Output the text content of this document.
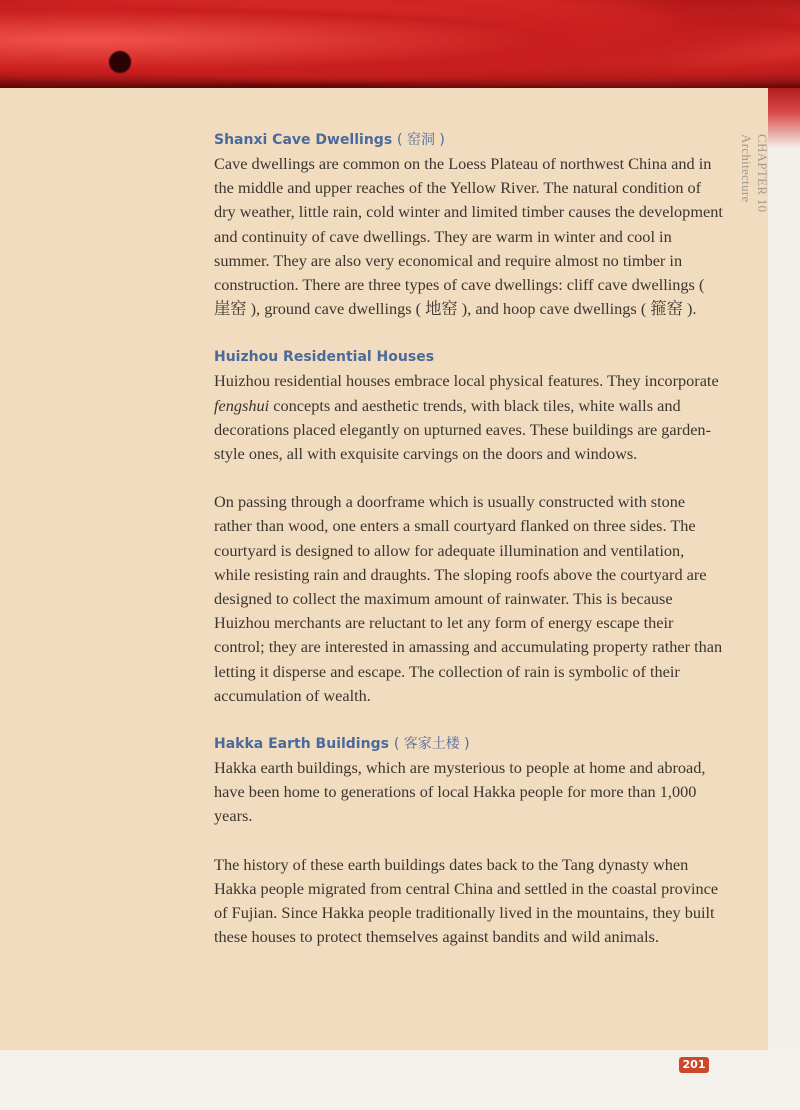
CHAPTER 10
Architecture

Shanxi Cave Dwellings ( 窑洞 )

Cave dwellings are common on the Loess Plateau of northwest China and in the middle and upper reaches of the Yellow River. The natural condition of dry weather, little rain, cold winter and limited timber causes the development and continuity of cave dwellings. They are warm in winter and cool in summer. They are also very economical and require almost no timber in construction. There are three types of cave dwellings: cliff cave dwellings ( 崖窑 ), ground cave dwellings ( 地窑 ), and hoop cave dwellings ( 箍窑 ).

Huizhou Residential Houses

Huizhou residential houses embrace local physical features. They incorporate fengshui concepts and aesthetic trends, with black tiles, white walls and decorations placed elegantly on upturned eaves. These buildings are garden-style ones, all with exquisite carvings on the doors and windows.

On passing through a doorframe which is usually constructed with stone rather than wood, one enters a small courtyard flanked on three sides. The courtyard is designed to allow for adequate illumination and ventilation, while resisting rain and draughts. The sloping roofs above the courtyard are designed to collect the maximum amount of rainwater. This is because Huizhou merchants are reluctant to let any form of energy escape their control; they are interested in amassing and accumulating property rather than letting it disperse and escape. The collection of rain is symbolic of their accumulation of wealth.

Hakka Earth Buildings ( 客家土楼 )

Hakka earth buildings, which are mysterious to people at home and abroad, have been home to generations of local Hakka people for more than 1,000 years.

The history of these earth buildings dates back to the Tang dynasty when Hakka people migrated from central China and settled in the coastal province of Fujian. Since Hakka people traditionally lived in the mountains, they built these houses to protect themselves against bandits and wild animals.

201
